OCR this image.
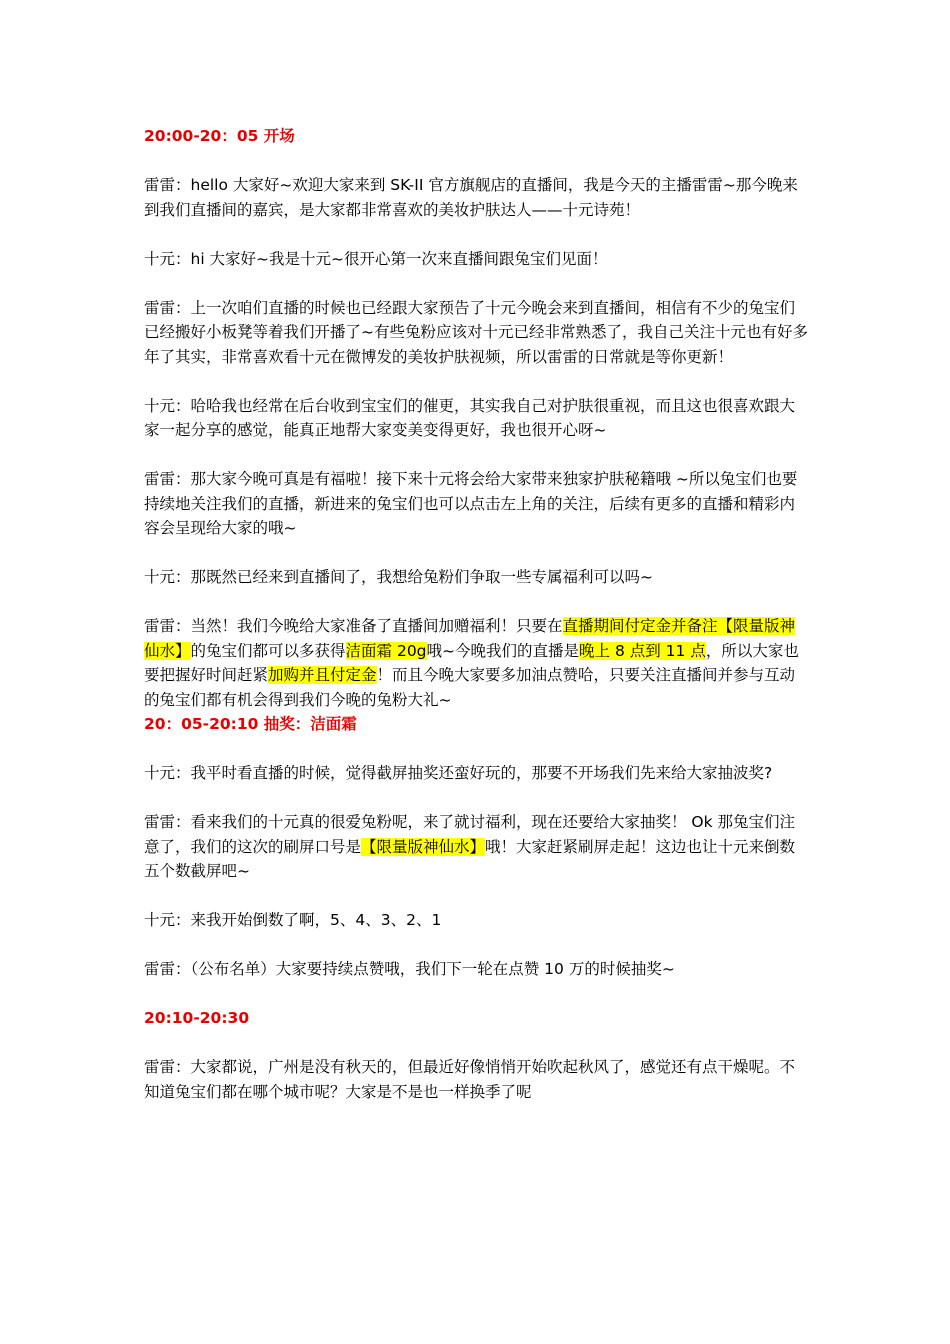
20:00-20：05 开场

雷雷：hello 大家好~欢迎大家来到 SK-II 官方旗舰店的直播间，我是今天的主播雷雷~那今晚来到我们直播间的嘉宾，是大家都非常喜欢的美妆护肤达人——十元诗苑！

十元：hi 大家好~我是十元~很开心第一次来直播间跟兔宝们见面！

雷雷：上一次咱们直播的时候也已经跟大家预告了十元今晚会来到直播间，相信有不少的兔宝们已经搬好小板凳等着我们开播了~有些兔粉应该对十元已经非常熟悉了，我自己关注十元也有好多年了其实，非常喜欢看十元在微博发的美妆护肤视频，所以雷雷的日常就是等你更新！

十元：哈哈我也经常在后台收到宝宝们的催更，其实我自己对护肤很重视，而且这也很喜欢跟大家一起分享的感觉，能真正地帮大家变美变得更好，我也很开心呀~

雷雷：那大家今晚可真是有福啦！接下来十元将会给大家带来独家护肤秘籍哦 ~所以兔宝们也要持续地关注我们的直播，新进来的兔宝们也可以点击左上角的关注，后续有更多的直播和精彩内容会呈现给大家的哦~

十元：那既然已经来到直播间了，我想给兔粉们争取一些专属福利可以吗~

雷雷：当然！我们今晚给大家准备了直播间加赠福利！只要在直播期间付定金并备注【限量版神仙水】的兔宝们都可以多获得洁面霜 20g哦~今晚我们的直播是晚上 8 点到 11 点，所以大家也要把握好时间赶紧加购并且付定金！而且今晚大家要多加油点赞哈，只要关注直播间并参与互动的兔宝们都有机会得到我们今晚的兔粉大礼~

20：05-20:10 抽奖：洁面霜

十元：我平时看直播的时候，觉得截屏抽奖还蛮好玩的，那要不开场我们先来给大家抽波奖?

雷雷：看来我们的十元真的很爱兔粉呢，来了就讨福利，现在还要给大家抽奖！ Ok 那兔宝们注意了，我们的这次的刷屏口号是【限量版神仙水】哦！大家赶紧刷屏走起！这边也让十元来倒数五个数截屏吧~

十元：来我开始倒数了啊，5、4、3、2、1

雷雷：（公布名单）大家要持续点赞哦，我们下一轮在点赞 10 万的时候抽奖~

20:10-20:30

雷雷：大家都说，广州是没有秋天的，但最近好像悄悄开始吹起秋风了，感觉还有点干燥呢。不知道兔宝们都在哪个城市呢？大家是不是也一样换季了呢
